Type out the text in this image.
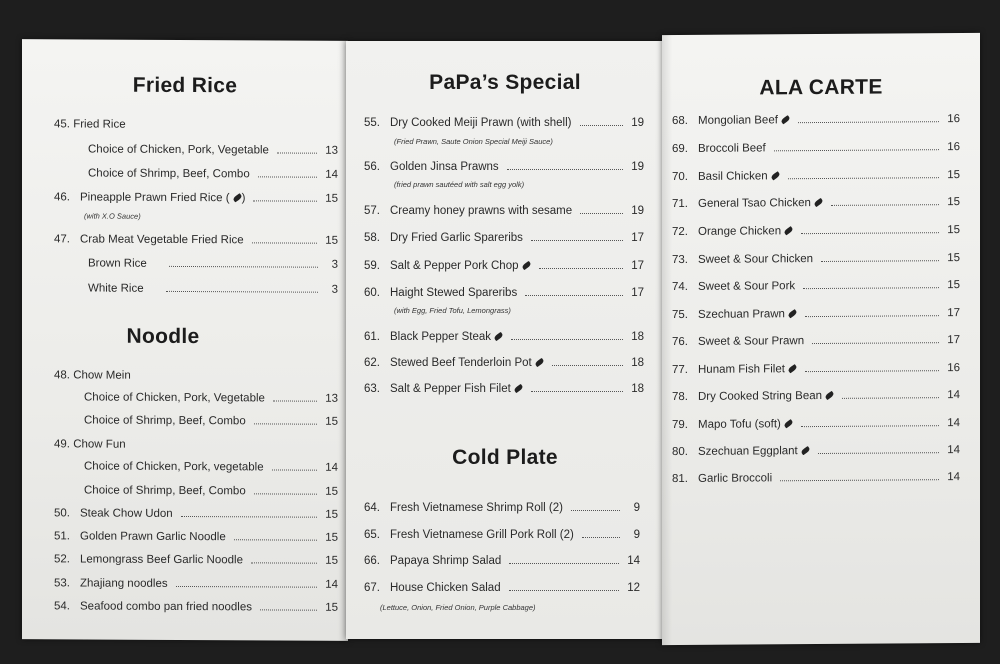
Fried Rice
45. Fried Rice
Choice of Chicken, Pork, Vegetable	13
Choice of Shrimp, Beef, Combo	14
46. Pineapple Prawn Fried Rice ( )	15
(with X.O Sauce)
47. Crab Meat Vegetable Fried Rice	15
Brown Rice	3
White Rice	3
Noodle
48. Chow Mein
Choice of Chicken, Pork, Vegetable	13
Choice of Shrimp, Beef, Combo	15
49. Chow Fun
Choice of Chicken, Pork, vegetable	14
Choice of Shrimp, Beef, Combo	15
50. Steak Chow Udon	15
51. Golden Prawn Garlic Noodle	15
52. Lemongrass Beef Garlic Noodle	15
53. Zhajiang noodles	14
54. Seafood combo pan fried noodles	15
PaPa’s Special
55. Dry Cooked Meiji Prawn (with shell)	19
(Fried Prawn, Saute Onion Special Meiji Sauce)
56. Golden Jinsa Prawns	19
(fried prawn sautéed with salt egg yolk)
57. Creamy honey prawns with sesame	19
58. Dry Fried Garlic Spareribs	17
59. Salt & Pepper Pork Chop	17
60. Haight Stewed Spareribs	17
(with Egg, Fried Tofu, Lemongrass)
61. Black Pepper Steak	18
62. Stewed Beef Tenderloin Pot	18
63. Salt & Pepper Fish Filet	18
Cold Plate
64. Fresh Vietnamese Shrimp Roll (2)	9
65. Fresh Vietnamese Grill Pork Roll (2)	9
66. Papaya Shrimp Salad	14
67. House Chicken Salad	12
(Lettuce, Onion, Fried Onion, Purple Cabbage)
ALA CARTE
68. Mongolian Beef	16
69. Broccoli Beef	16
70. Basil Chicken	15
71. General Tsao Chicken	15
72. Orange Chicken	15
73. Sweet & Sour Chicken	15
74. Sweet & Sour Pork	15
75. Szechuan Prawn	17
76. Sweet & Sour Prawn	17
77. Hunam Fish Filet	16
78. Dry Cooked String Bean	14
79. Mapo Tofu (soft)	14
80. Szechuan Eggplant	14
81. Garlic Broccoli	14
